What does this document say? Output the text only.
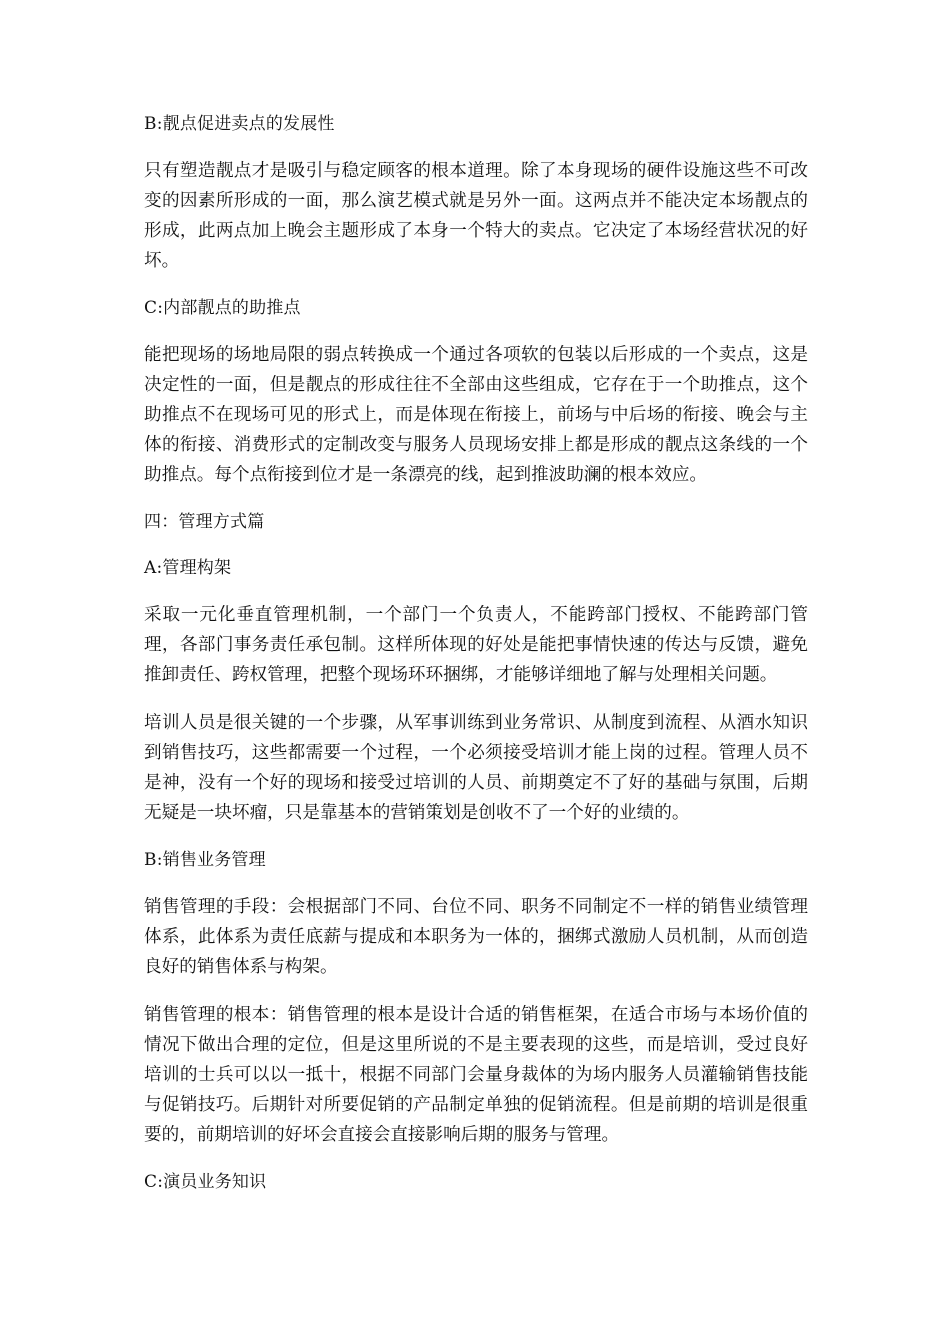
B:靓点促进卖点的发展性
只有塑造靓点才是吸引与稳定顾客的根本道理。除了本身现场的硬件设施这些不可改变的因素所形成的一面，那么演艺模式就是另外一面。这两点并不能决定本场靓点的形成，此两点加上晚会主题形成了本身一个特大的卖点。它决定了本场经营状况的好坏。
C:内部靓点的助推点
能把现场的场地局限的弱点转换成一个通过各项软的包装以后形成的一个卖点，这是决定性的一面，但是靓点的形成往往不全部由这些组成，它存在于一个助推点，这个助推点不在现场可见的形式上，而是体现在衔接上，前场与中后场的衔接、晚会与主体的衔接、消费形式的定制改变与服务人员现场安排上都是形成的靓点这条线的一个助推点。每个点衔接到位才是一条漂亮的线，起到推波助澜的根本效应。
四：管理方式篇
A:管理构架
采取一元化垂直管理机制，一个部门一个负责人，不能跨部门授权、不能跨部门管理，各部门事务责任承包制。这样所体现的好处是能把事情快速的传达与反馈，避免推卸责任、跨权管理，把整个现场环环捆绑，才能够详细地了解与处理相关问题。
培训人员是很关键的一个步骤，从军事训练到业务常识、从制度到流程、从酒水知识到销售技巧，这些都需要一个过程，一个必须接受培训才能上岗的过程。管理人员不是神，没有一个好的现场和接受过培训的人员、前期奠定不了好的基础与氛围，后期无疑是一块坏瘤，只是靠基本的营销策划是创收不了一个好的业绩的。
B:销售业务管理
销售管理的手段：会根据部门不同、台位不同、职务不同制定不一样的销售业绩管理体系，此体系为责任底薪与提成和本职务为一体的，捆绑式激励人员机制，从而创造良好的销售体系与构架。
销售管理的根本：销售管理的根本是设计合适的销售框架，在适合市场与本场价值的情况下做出合理的定位，但是这里所说的不是主要表现的这些，而是培训，受过良好培训的士兵可以以一抵十，根据不同部门会量身裁体的为场内服务人员灌输销售技能与促销技巧。后期针对所要促销的产品制定单独的促销流程。但是前期的培训是很重要的，前期培训的好坏会直接会直接影响后期的服务与管理。
C:演员业务知识
